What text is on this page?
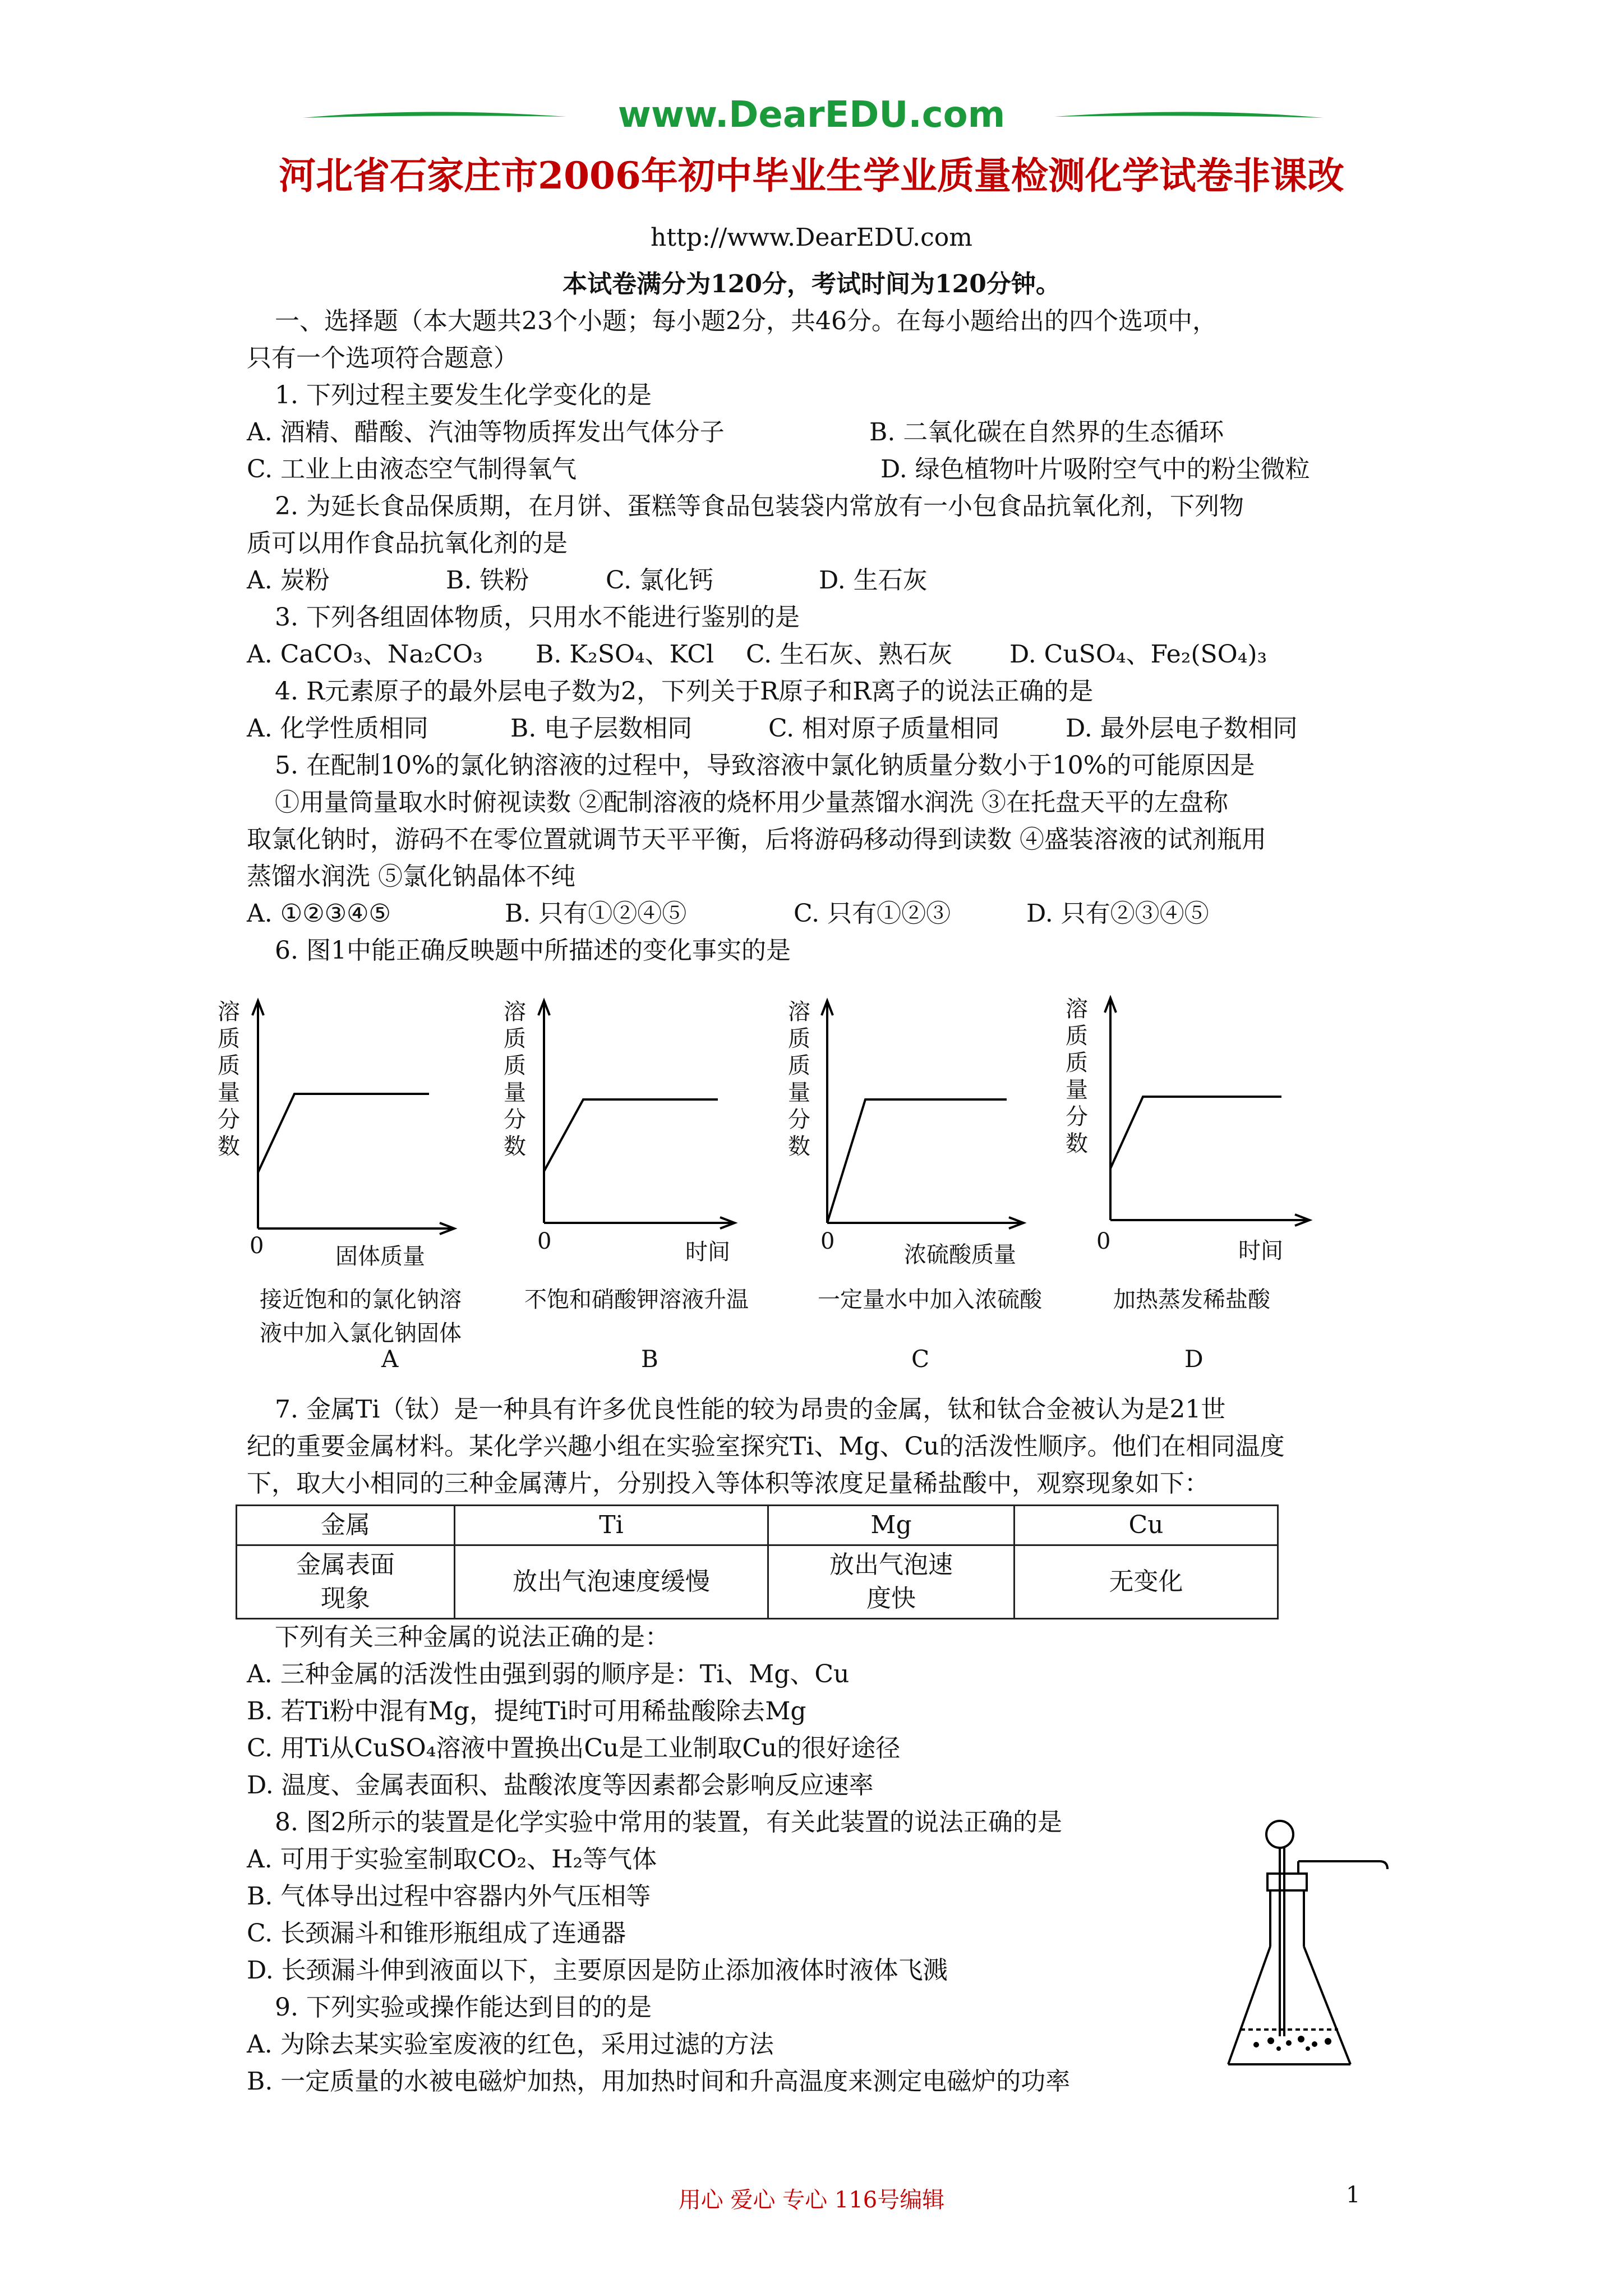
www.DearEDU.com
河北省石家庄市2006年初中毕业生学业质量检测化学试卷非课改
http://www.DearEDU.com
本试卷满分为120分，考试时间为120分钟。
一、选择题（本大题共23个小题；每小题2分，共46分。在每小题给出的四个选项中，
只有一个选项符合题意）
1. 下列过程主要发生化学变化的是
A. 酒精、醋酸、汽油等物质挥发出气体分子	B. 二氧化碳在自然界的生态循环
C. 工业上由液态空气制得氧气	D. 绿色植物叶片吸附空气中的粉尘微粒
2. 为延长食品保质期，在月饼、蛋糕等食品包装袋内常放有一小包食品抗氧化剂，下列物
质可以用作食品抗氧化剂的是
A. 炭粉	B. 铁粉	C. 氯化钙	D. 生石灰
3. 下列各组固体物质，只用水不能进行鉴别的是
A. CaCO₃、Na₂CO₃ B. K₂SO₄、KCl C. 生石灰、熟石灰 D. CuSO₄、Fe₂(SO₄)₃
4. R元素原子的最外层电子数为2，下列关于R原子和R离子的说法正确的是
A. 化学性质相同	B. 电子层数相同	C. 相对原子质量相同	D. 最外层电子数相同
5. 在配制10%的氯化钠溶液的过程中，导致溶液中氯化钠质量分数小于10%的可能原因是
①用量筒量取水时俯视读数 ②配制溶液的烧杯用少量蒸馏水润洗 ③在托盘天平的左盘称
取氯化钠时，游码不在零位置就调节天平平衡，后将游码移动得到读数 ④盛装溶液的试剂瓶用
蒸馏水润洗 ⑤氯化钠晶体不纯
A. ①②③④⑤	B. 只有①②④⑤	C. 只有①②③	D. 只有②③④⑤
6. 图1中能正确反映题中所描述的变化事实的是
溶质质量分数
0	固体质量
接近饱和的氯化钠溶
液中加入氯化钠固体
A
溶质质量分数
0	时间
不饱和硝酸钾溶液升温
B
溶质质量分数
0
浓硫酸质量
一定量水中加入浓硫酸
C
溶质质量分数
0	时间
加热蒸发稀盐酸
D
7. 金属Ti（钛）是一种具有许多优良性能的较为昂贵的金属，钛和钛合金被认为是21世
纪的重要金属材料。某化学兴趣小组在实验室探究Ti、Mg、Cu的活泼性顺序。他们在相同温度
下，取大小相同的三种金属薄片，分别投入等体积等浓度足量稀盐酸中，观察现象如下：
金属	Ti	Mg	Cu
金属表面
现象	放出气泡速度缓慢	放出气泡速
度快	无变化
下列有关三种金属的说法正确的是：
A. 三种金属的活泼性由强到弱的顺序是：Ti、Mg、Cu
B. 若Ti粉中混有Mg，提纯Ti时可用稀盐酸除去Mg
C. 用Ti从CuSO₄溶液中置换出Cu是工业制取Cu的很好途径
D. 温度、金属表面积、盐酸浓度等因素都会影响反应速率
8. 图2所示的装置是化学实验中常用的装置，有关此装置的说法正确的是
A. 可用于实验室制取CO₂、H₂等气体
B. 气体导出过程中容器内外气压相等
C. 长颈漏斗和锥形瓶组成了连通器
D. 长颈漏斗伸到液面以下，主要原因是防止添加液体时液体飞溅
9. 下列实验或操作能达到目的的是
A. 为除去某实验室废液的红色，采用过滤的方法
B. 一定质量的水被电磁炉加热，用加热时间和升高温度来测定电磁炉的功率
用心 爱心 专心 116号编辑	1
